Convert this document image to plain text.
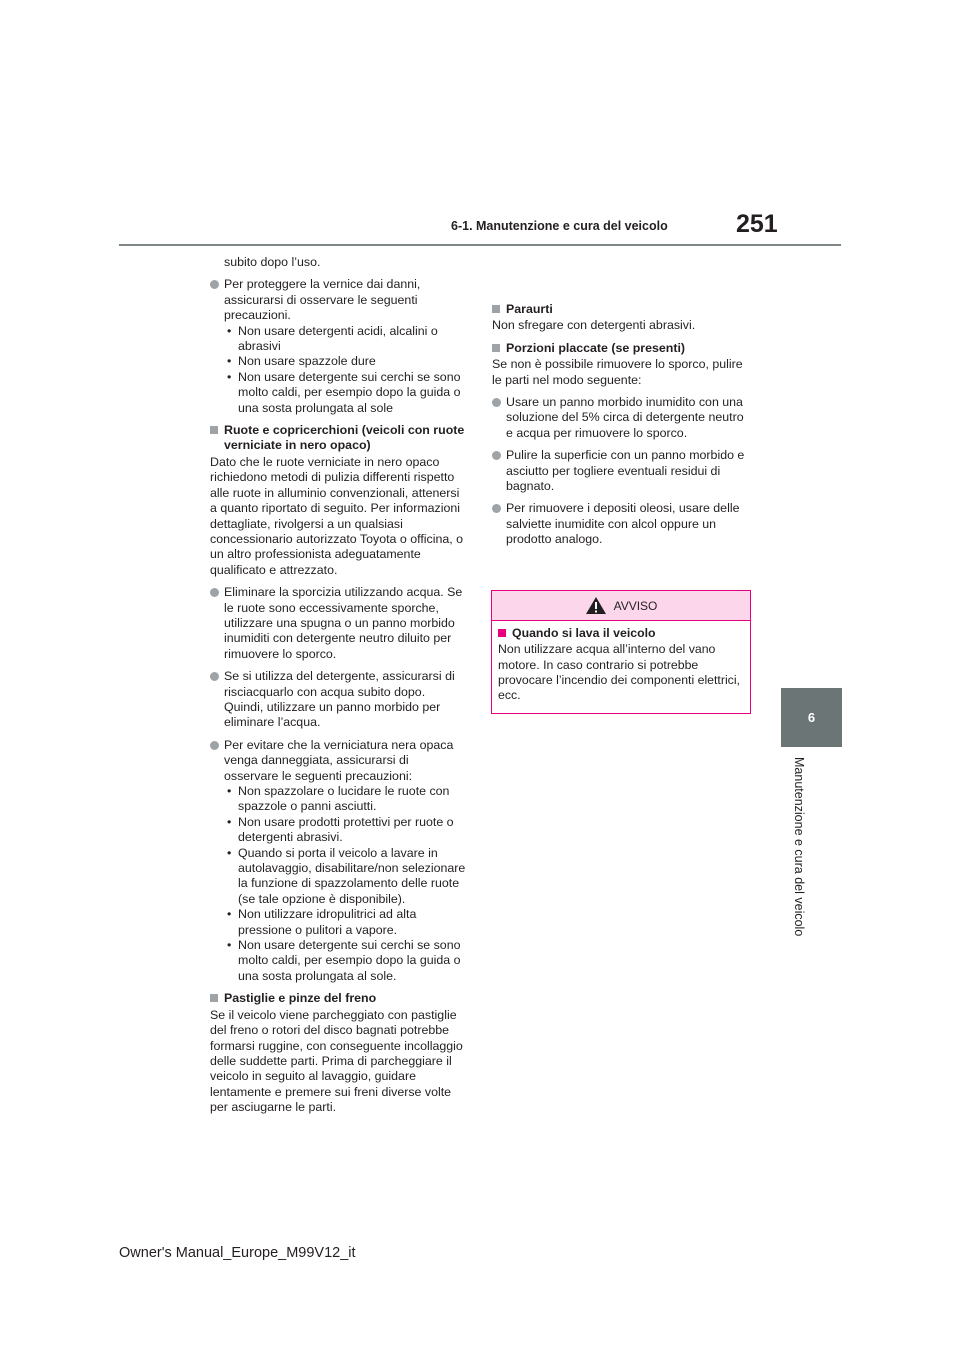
6-1. Manutenzione e cura del veicolo	251
6
Manutenzione e cura del veicolo

subito dopo l’uso.

Per proteggere la vernice dai danni, assicurarsi di osservare le seguenti precauzioni.
• Non usare detergenti acidi, alcalini o abrasivi
• Non usare spazzole dure
• Non usare detergente sui cerchi se sono molto caldi, per esempio dopo la guida o una sosta prolungata al sole
Ruote e copricerchioni (veicoli con ruote verniciate in nero opaco)

Dato che le ruote verniciate in nero opaco richiedono metodi di pulizia differenti rispetto alle ruote in alluminio convenzionali, attenersi a quanto riportato di seguito. Per informazioni dettagliate, rivolgersi a un qualsiasi concessionario autorizzato Toyota o officina, o un altro professionista adeguatamente qualificato e attrezzato.

Eliminare la sporcizia utilizzando acqua. Se le ruote sono eccessivamente sporche, utilizzare una spugna o un panno morbido inumiditi con detergente neutro diluito per rimuovere lo sporco.
Se si utilizza del detergente, assicurarsi di risciacquarlo con acqua subito dopo. Quindi, utilizzare un panno morbido per eliminare l’acqua.
Per evitare che la verniciatura nera opaca venga danneggiata, assicurarsi di osservare le seguenti precauzioni:
• Non spazzolare o lucidare le ruote con spazzole o panni asciutti.
• Non usare prodotti protettivi per ruote o detergenti abrasivi.
• Quando si porta il veicolo a lavare in autolavaggio, disabilitare/non selezionare la funzione di spazzolamento delle ruote (se tale opzione è disponibile).
• Non utilizzare idropulitrici ad alta pressione o pulitori a vapore.
• Non usare detergente sui cerchi se sono molto caldi, per esempio dopo la guida o una sosta prolungata al sole.
Pastiglie e pinze del freno

Se il veicolo viene parcheggiato con pastiglie del freno o rotori del disco bagnati potrebbe formarsi ruggine, con conseguente incollaggio delle suddette parti. Prima di parcheggiare il veicolo in seguito al lavaggio, guidare lentamente e premere sui freni diverse volte per asciugarne le parti.

Paraurti

Non sfregare con detergenti abrasivi.

Porzioni placcate (se presenti)

Se non è possibile rimuovere lo sporco, pulire le parti nel modo seguente:

Usare un panno morbido inumidito con una soluzione del 5% circa di detergente neutro e acqua per rimuovere lo sporco.
Pulire la superficie con un panno morbido e asciutto per togliere eventuali residui di bagnato.
Per rimuovere i depositi oleosi, usare delle salviette inumidite con alcol oppure un prodotto analogo.
AVVISO
Quando si lava il veicolo
Non utilizzare acqua all’interno del vano motore. In caso contrario si potrebbe provocare l’incendio dei componenti elettrici, ecc.
Owner's Manual_Europe_M99V12_it
